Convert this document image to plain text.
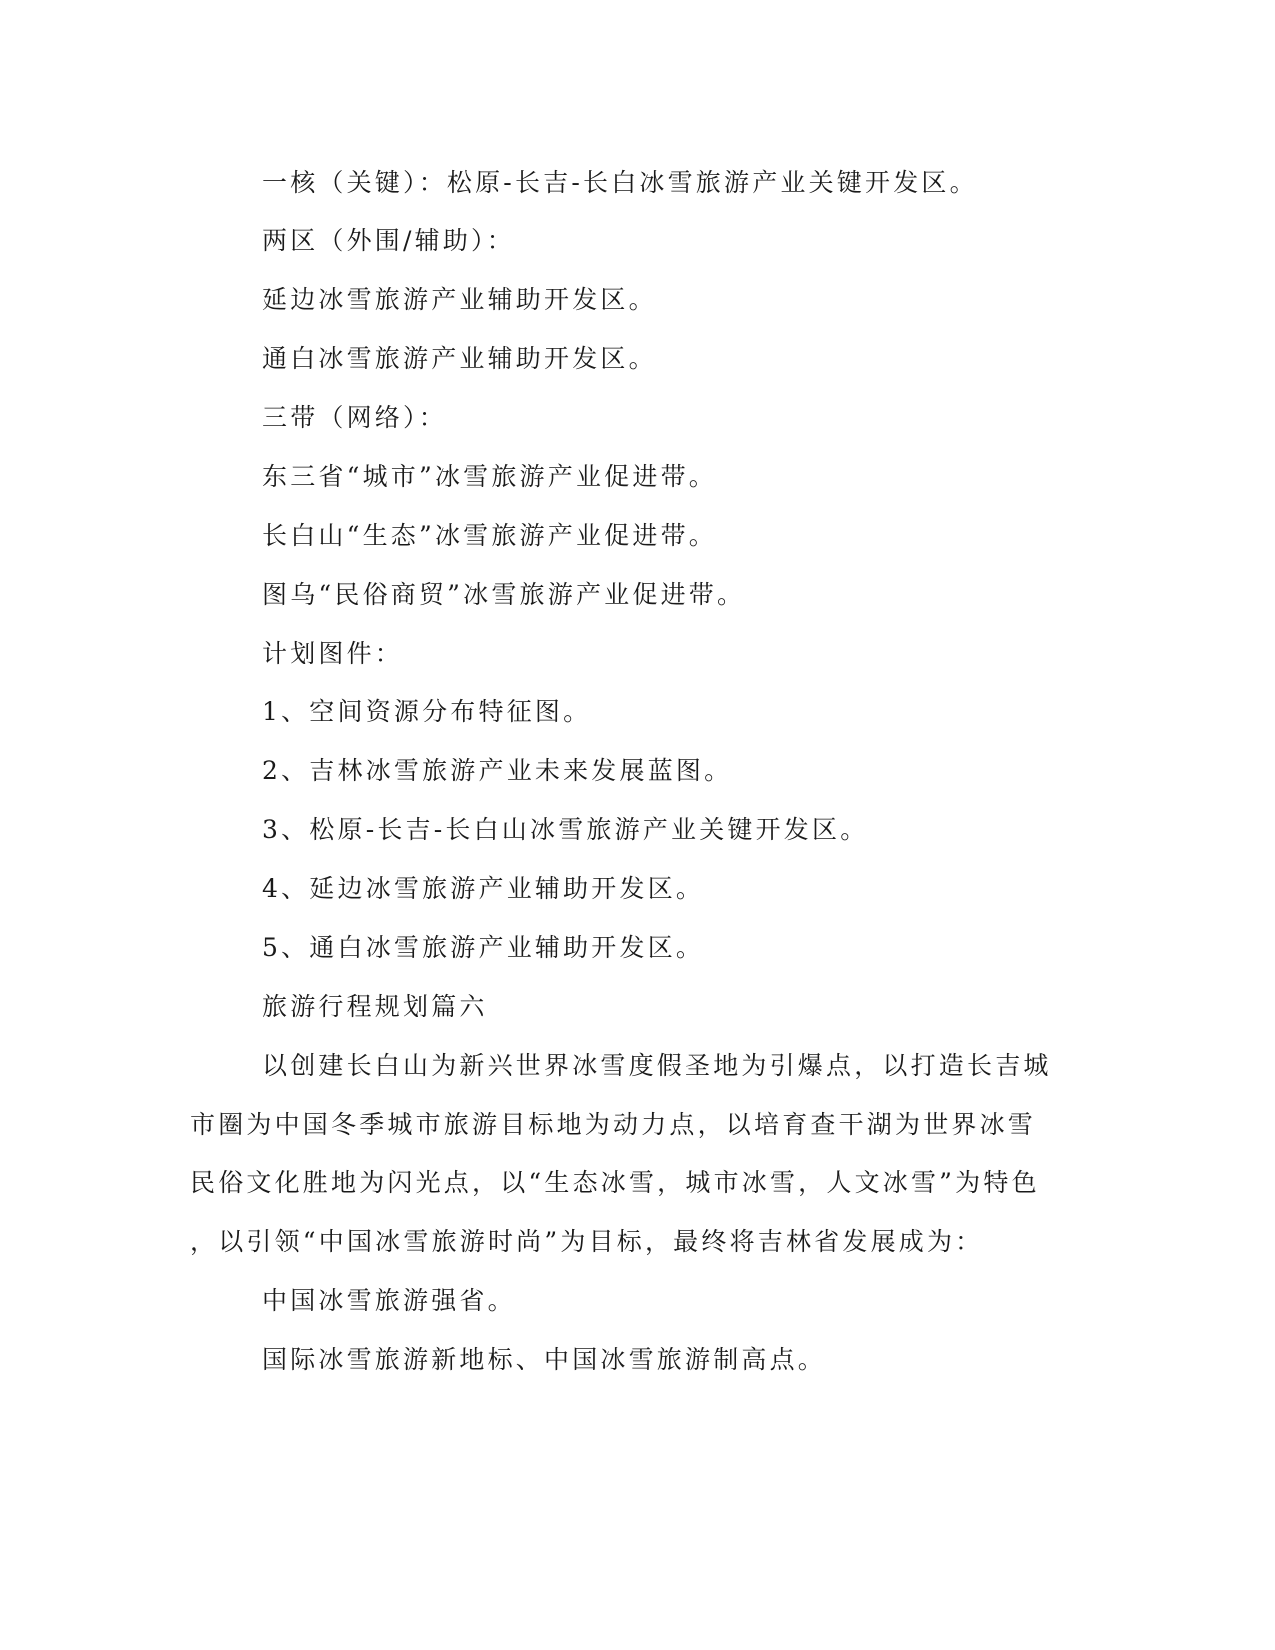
一核（关键）：松原-长吉-长白冰雪旅游产业关键开发区。
两区（外围/辅助）：
延边冰雪旅游产业辅助开发区。
通白冰雪旅游产业辅助开发区。
三带（网络）：
东三省“城市”冰雪旅游产业促进带。
长白山“生态”冰雪旅游产业促进带。
图乌“民俗商贸”冰雪旅游产业促进带。
计划图件：
1、空间资源分布特征图。
2、吉林冰雪旅游产业未来发展蓝图。
3、松原-长吉-长白山冰雪旅游产业关键开发区。
4、延边冰雪旅游产业辅助开发区。
5、通白冰雪旅游产业辅助开发区。
旅游行程规划篇六
以创建长白山为新兴世界冰雪度假圣地为引爆点，以打造长吉城
市圈为中国冬季城市旅游目标地为动力点，以培育查干湖为世界冰雪
民俗文化胜地为闪光点，以“生态冰雪，城市冰雪，人文冰雪”为特色
，以引领“中国冰雪旅游时尚”为目标，最终将吉林省发展成为：
中国冰雪旅游强省。
国际冰雪旅游新地标、中国冰雪旅游制高点。
